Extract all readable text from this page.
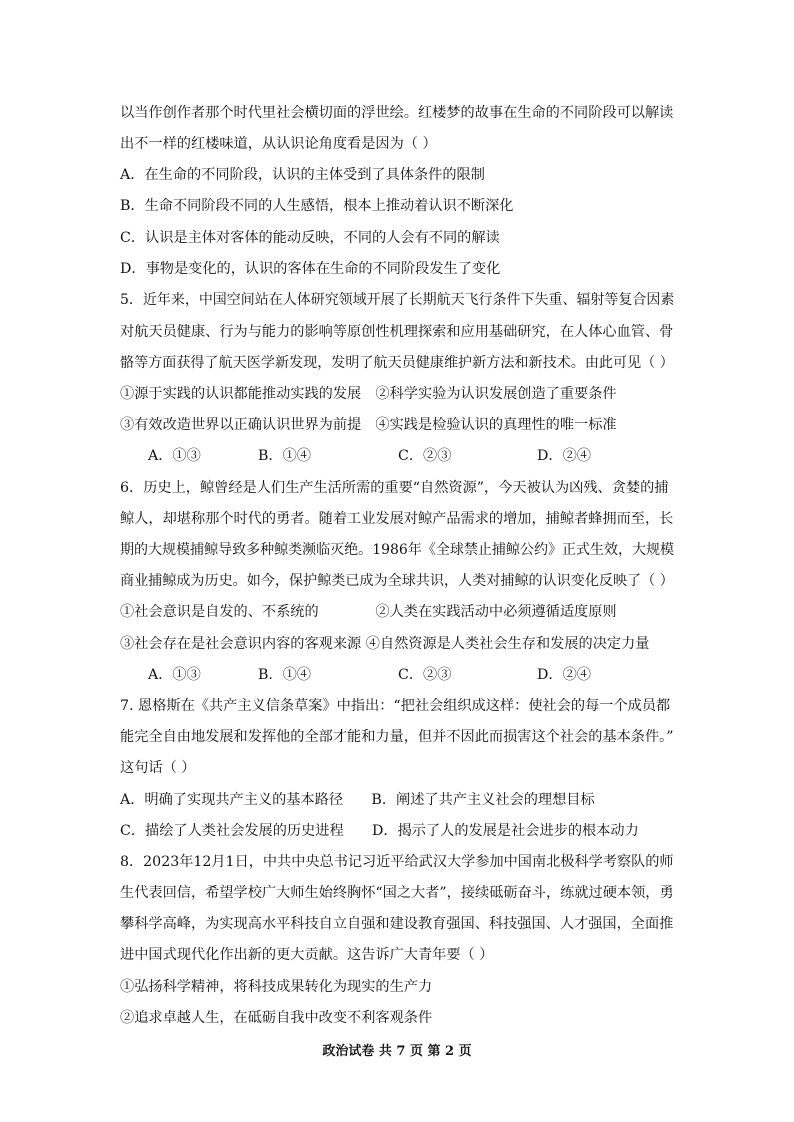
以当作创作者那个时代里社会横切面的浮世绘。红楼梦的故事在生命的不同阶段可以解读
出不一样的红楼味道，从认识论角度看是因为（ ）
A．在生命的不同阶段，认识的主体受到了具体条件的限制
B．生命不同阶段不同的人生感悟，根本上推动着认识不断深化
C．认识是主体对客体的能动反映，不同的人会有不同的解读
D．事物是变化的，认识的客体在生命的不同阶段发生了变化
5．近年来，中国空间站在人体研究领域开展了长期航天飞行条件下失重、辐射等复合因素
对航天员健康、行为与能力的影响等原创性机理探索和应用基础研究，在人体心血管、骨
骼等方面获得了航天医学新发现，发明了航天员健康维护新方法和新技术。由此可见（ ）
①源于实践的认识都能推动实践的发展　②科学实验为认识发展创造了重要条件
③有效改造世界以正确认识世界为前提　④实践是检验认识的真理性的唯一标准
A．①③	B．①④	C．②③	D．②④
6．历史上，鲸曾经是人们生产生活所需的重要“自然资源”，今天被认为凶残、贪婪的捕
鲸人，却堪称那个时代的勇者。随着工业发展对鲸产品需求的增加，捕鲸者蜂拥而至，长
期的大规模捕鲸导致多种鲸类濒临灭绝。1986年《全球禁止捕鲸公约》正式生效，大规模
商业捕鲸成为历史。如今，保护鲸类已成为全球共识，人类对捕鲸的认识变化反映了（ ）
①社会意识是自发的、不系统的　　　　②人类在实践活动中必须遵循适度原则
③社会存在是社会意识内容的客观来源 ④自然资源是人类社会生存和发展的决定力量
A．①③	B．①④	C．②③	D．②④
7. 恩格斯在《共产主义信条草案》中指出：“把社会组织成这样：使社会的每一个成员都
能完全自由地发展和发挥他的全部才能和力量，但并不因此而损害这个社会的基本条件。”
这句话（ ）
A．明确了实现共产主义的基本路径　　B．阐述了共产主义社会的理想目标
C．描绘了人类社会发展的历史进程　　D．揭示了人的发展是社会进步的根本动力
8．2023年12月1日，中共中央总书记习近平给武汉大学参加中国南北极科学考察队的师
生代表回信，希望学校广大师生始终胸怀“国之大者”，接续砥砺奋斗，练就过硬本领，勇
攀科学高峰，为实现高水平科技自立自强和建设教育强国、科技强国、人才强国，全面推
进中国式现代化作出新的更大贡献。这告诉广大青年要（ ）
①弘扬科学精神，将科技成果转化为现实的生产力
②追求卓越人生，在砥砺自我中改变不利客观条件
政治试卷 共 7 页 第 2 页
